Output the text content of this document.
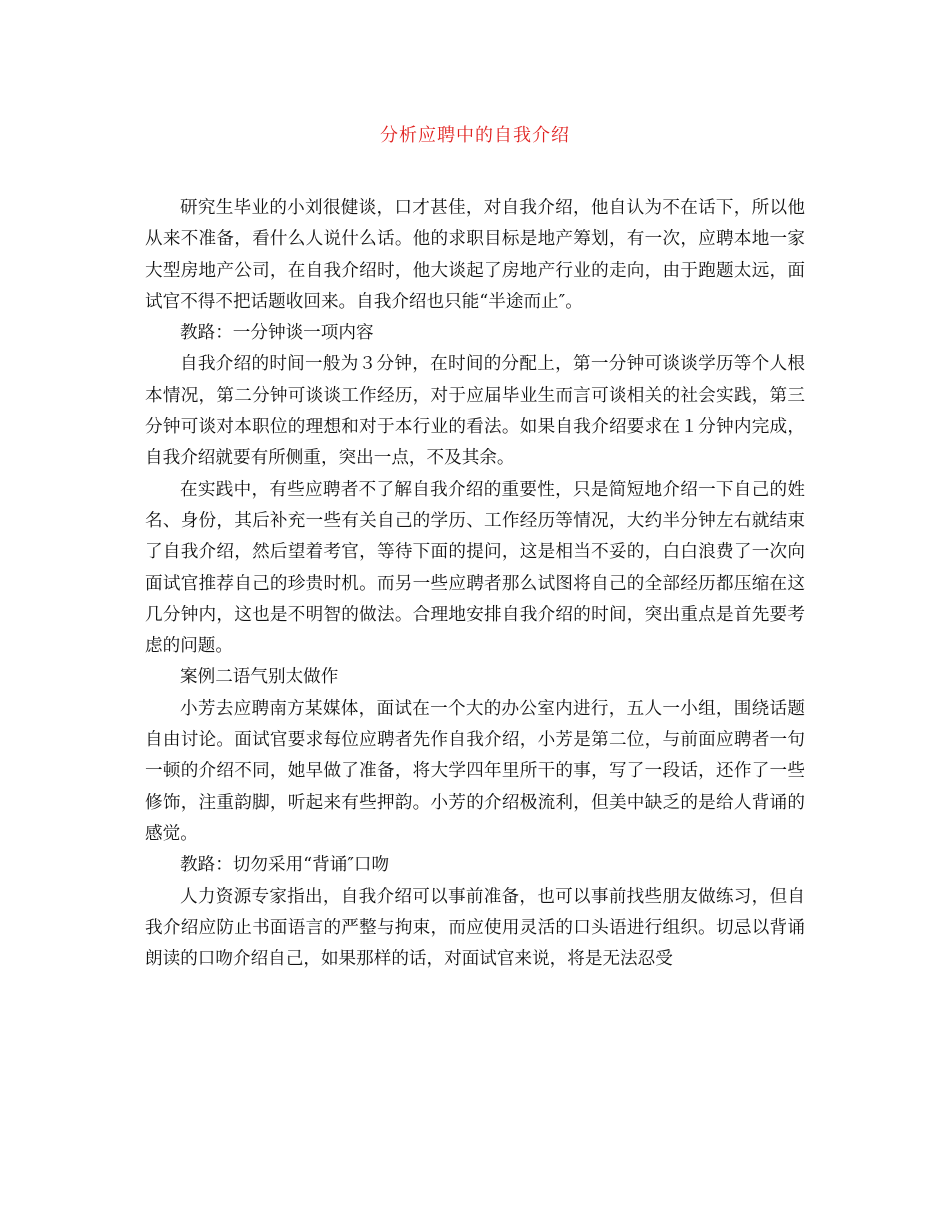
分析应聘中的自我介绍

研究生毕业的小刘很健谈，口才甚佳，对自我介绍，他自认为不在话下，所以他从来不准备，看什么人说什么话。他的求职目标是地产筹划，有一次，应聘本地一家大型房地产公司，在自我介绍时，他大谈起了房地产行业的走向，由于跑题太远，面试官不得不把话题收回来。自我介绍也只能“半途而止″。

教路：一分钟谈一项内容

自我介绍的时间一般为３分钟，在时间的分配上，第一分钟可谈谈学历等个人根本情况，第二分钟可谈谈工作经历，对于应届毕业生而言可谈相关的社会实践，第三分钟可谈对本职位的理想和对于本行业的看法。如果自我介绍要求在１分钟内完成，自我介绍就要有所侧重，突出一点，不及其余。

在实践中，有些应聘者不了解自我介绍的重要性，只是简短地介绍一下自己的姓名、身份，其后补充一些有关自己的学历、工作经历等情况，大约半分钟左右就结束了自我介绍，然后望着考官，等待下面的提问，这是相当不妥的，白白浪费了一次向面试官推荐自己的珍贵时机。而另一些应聘者那么试图将自己的全部经历都压缩在这几分钟内，这也是不明智的做法。合理地安排自我介绍的时间，突出重点是首先要考虑的问题。

案例二语气别太做作

小芳去应聘南方某媒体，面试在一个大的办公室内进行，五人一小组，围绕话题自由讨论。面试官要求每位应聘者先作自我介绍，小芳是第二位，与前面应聘者一句一顿的介绍不同，她早做了准备，将大学四年里所干的事，写了一段话，还作了一些修饰，注重韵脚，听起来有些押韵。小芳的介绍极流利，但美中缺乏的是给人背诵的感觉。

教路：切勿采用“背诵″口吻

人力资源专家指出，自我介绍可以事前准备，也可以事前找些朋友做练习，但自我介绍应防止书面语言的严整与拘束，而应使用灵活的口头语进行组织。切忌以背诵朗读的口吻介绍自己，如果那样的话，对面试官来说，将是无法忍受
